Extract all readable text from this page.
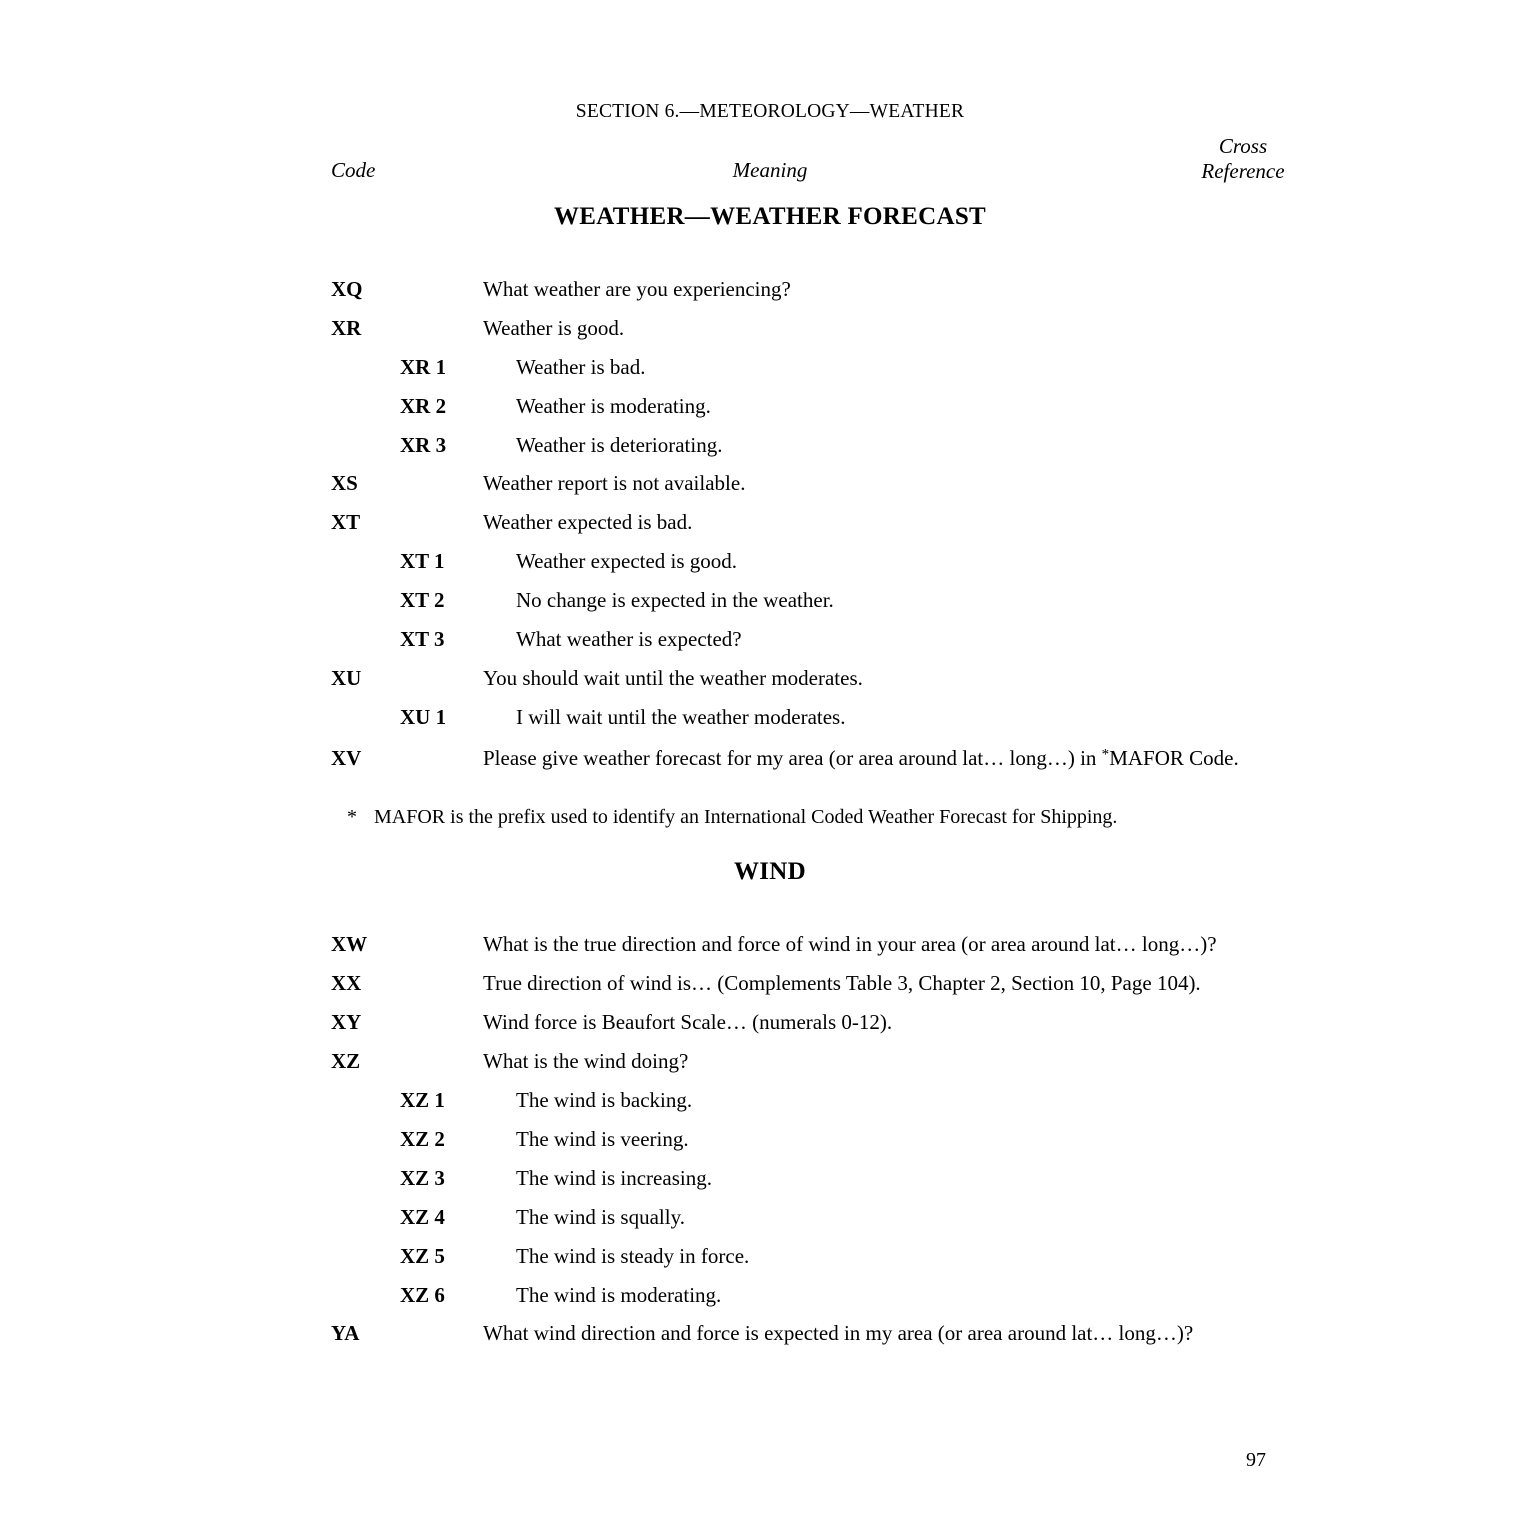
SECTION 6.—METEOROLOGY—WEATHER
Code	Meaning
Cross
Reference
WEATHER—WEATHER FORECAST
WIND
XQ	What weather are you experiencing?
XR	Weather is good.
XR 1	Weather is bad.
XR 2	Weather is moderating.
XR 3	Weather is deteriorating.
XS	Weather report is not available.
XT	Weather expected is bad.
XT 1	Weather expected is good.
XT 2	No change is expected in the weather.
XT 3	What weather is expected?
XU	You should wait until the weather moderates.
XU 1	I will wait until the weather moderates.
XV	Please give weather forecast for my area (or area around lat… long…) in *MAFOR Code.
XW	What is the true direction and force of wind in your area (or area around lat… long…)?
XX	True direction of wind is… (Complements Table 3, Chapter 2, Section 10, Page 104).
XY	Wind force is Beaufort Scale… (numerals 0-12).
XZ	What is the wind doing?
XZ 1	The wind is backing.
XZ 2	The wind is veering.
XZ 3	The wind is increasing.
XZ 4	The wind is squally.
XZ 5	The wind is steady in force.
XZ 6	The wind is moderating.
YA	What wind direction and force is expected in my area (or area around lat… long…)?
* MAFOR is the prefix used to identify an International Coded Weather Forecast for Shipping.
97
